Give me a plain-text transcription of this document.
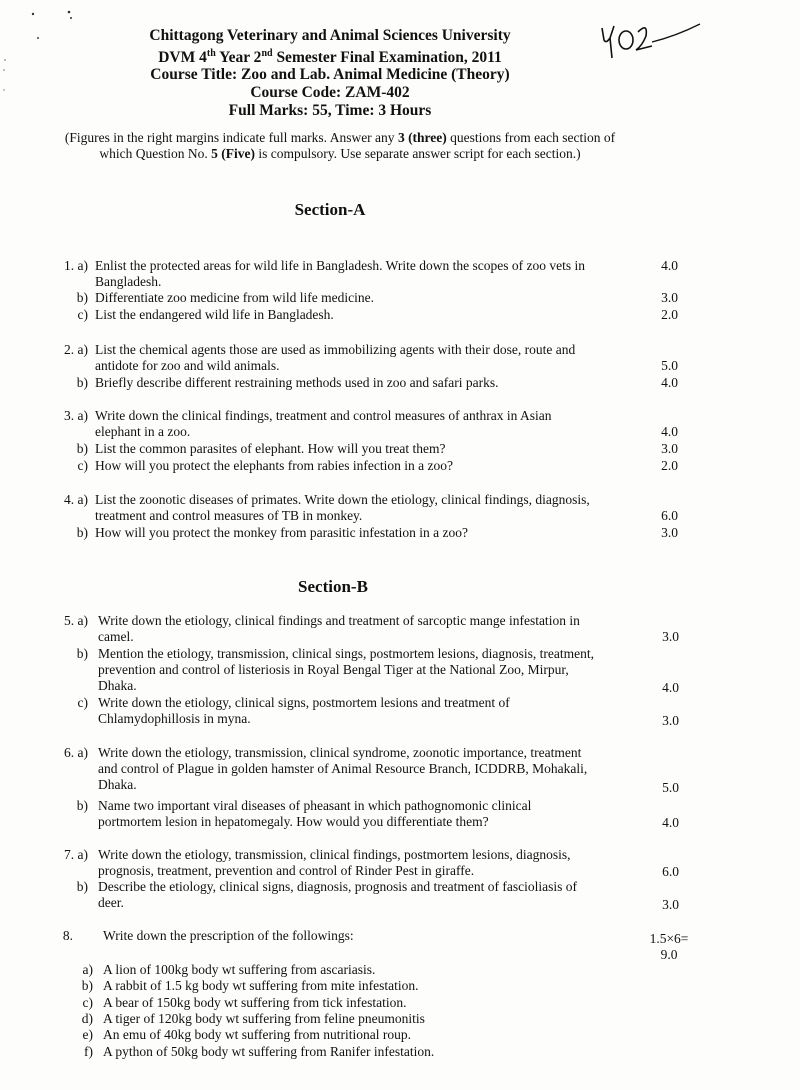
Chittagong Veterinary and Animal Sciences University
DVM 4th Year 2nd Semester Final Examination, 2011
Course Title: Zoo and Lab. Animal Medicine (Theory)
Course Code: ZAM-402
Full Marks: 55, Time: 3 Hours
(Figures in the right margins indicate full marks. Answer any 3 (three) questions from each section of which Question No. 5 (Five) is compulsory. Use separate answer script for each section.)
Section-A
1. a) Enlist the protected areas for wild life in Bangladesh. Write down the scopes of zoo vets in
Bangladesh.
4.0
b) Differentiate zoo medicine from wild life medicine.	3.0
c) List the endangered wild life in Bangladesh.	2.0
2. a) List the chemical agents those are used as immobilizing agents with their dose, route and
antidote for zoo and wild animals.	5.0
b) Briefly describe different restraining methods used in zoo and safari parks.	4.0
3. a) Write down the clinical findings, treatment and control measures of anthrax in Asian
elephant in a zoo.	4.0
b) List the common parasites of elephant. How will you treat them?	3.0
c) How will you protect the elephants from rabies infection in a zoo?	2.0
4. a) List the zoonotic diseases of primates. Write down the etiology, clinical findings, diagnosis,
treatment and control measures of TB in monkey.	6.0
b) How will you protect the monkey from parasitic infestation in a zoo?	3.0
Section-B
5. a) Write down the etiology, clinical findings and treatment of sarcoptic mange infestation in
camel.	3.0
b) Mention the etiology, transmission, clinical sings, postmortem lesions, diagnosis, treatment,
prevention and control of listeriosis in Royal Bengal Tiger at the National Zoo, Mirpur,
Dhaka.	4.0
c) Write down the etiology, clinical signs, postmortem lesions and treatment of
Chlamydophillosis in myna.	3.0
6. a) Write down the etiology, transmission, clinical syndrome, zoonotic importance, treatment
and control of Plague in golden hamster of Animal Resource Branch, ICDDRB, Mohakali,
Dhaka.	5.0
b) Name two important viral diseases of pheasant in which pathognomonic clinical
portmortem lesion in hepatomegaly. How would you differentiate them?	4.0
7. a) Write down the etiology, transmission, clinical findings, postmortem lesions, diagnosis,
prognosis, treatment, prevention and control of Rinder Pest in giraffe.	6.0
b) Describe the etiology, clinical signs, diagnosis, prognosis and treatment of fascioliasis of
deer.	3.0
8. Write down the prescription of the followings:	1.5×6=
9.0
a) A lion of 100kg body wt suffering from ascariasis.
b) A rabbit of 1.5 kg body wt suffering from mite infestation.
c) A bear of 150kg body wt suffering from tick infestation.
d) A tiger of 120kg body wt suffering from feline pneumonitis
e) An emu of 40kg body wt suffering from nutritional roup.
f) A python of 50kg body wt suffering from Ranifer infestation.
